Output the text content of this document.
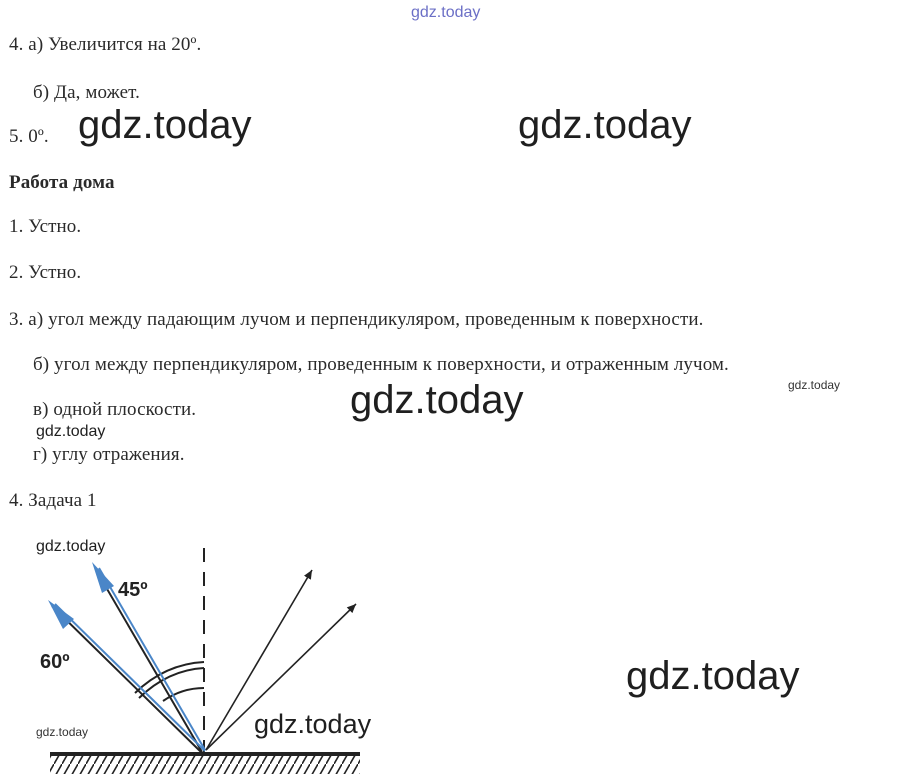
gdz.today
4. а) Увеличится на 20º.
б) Да, может.
5. 0º. gdz.today	gdz.today
Работа дома
1. Устно.
2. Устно.
3. а) угол между падающим лучом и перпендикуляром, проведенным к поверхности.
б) угол между перпендикуляром, проведенным к поверхности, и отраженным лучом.
gdz.today
в) одной плоскости.	gdz.today
gdz.today
г) углу отражения.
4. Задача 1
gdz.today
45º
60º
gdz.today	gdz.today
gdz.today
